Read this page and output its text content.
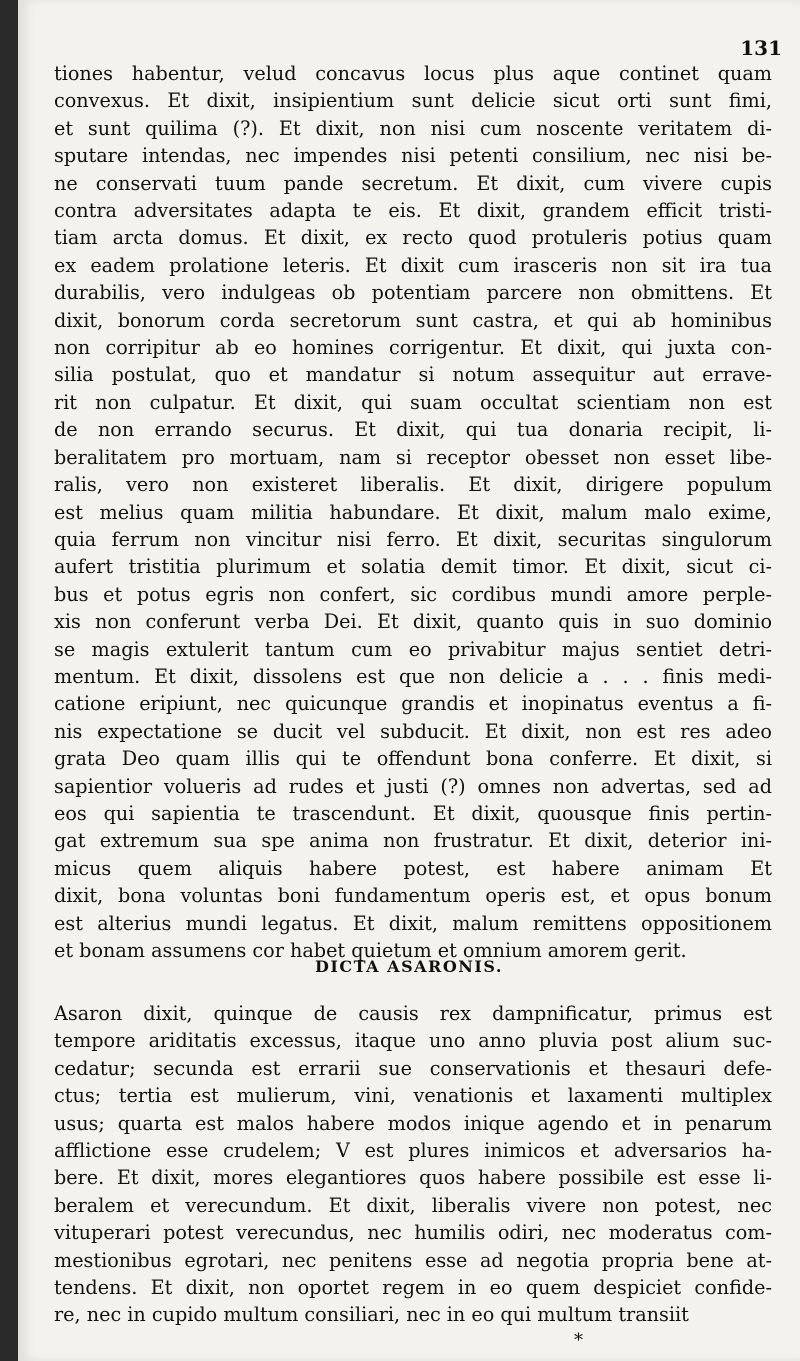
131

tiones habentur, velud concavus locus plus aque continet quam
convexus. Et dixit, insipientium sunt delicie sicut orti sunt fimi,
et sunt quilima (?). Et dixit, non nisi cum noscente veritatem di-
sputare intendas, nec impendes nisi petenti consilium, nec nisi be-
ne conservati tuum pande secretum. Et dixit, cum vivere cupis
contra adversitates adapta te eis. Et dixit, grandem efficit tristi-
tiam arcta domus. Et dixit, ex recto quod protuleris potius quam
ex eadem prolatione leteris. Et dixit cum irasceris non sit ira tua
durabilis, vero indulgeas ob potentiam parcere non obmittens. Et
dixit, bonorum corda secretorum sunt castra, et qui ab hominibus
non corripitur ab eo homines corrigentur. Et dixit, qui juxta con-
silia postulat, quo et mandatur si notum assequitur aut errave-
rit non culpatur. Et dixit, qui suam occultat scientiam non est
de non errando securus. Et dixit, qui tua donaria recipit, li-
beralitatem pro mortuam, nam si receptor obesset non esset libe-
ralis, vero non existeret liberalis. Et dixit, dirigere populum
est melius quam militia habundare. Et dixit, malum malo exime,
quia ferrum non vincitur nisi ferro. Et dixit, securitas singulorum
aufert tristitia plurimum et solatia demit timor. Et dixit, sicut ci-
bus et potus egris non confert, sic cordibus mundi amore perple-
xis non conferunt verba Dei. Et dixit, quanto quis in suo dominio
se magis extulerit tantum cum eo privabitur majus sentiet detri-
mentum. Et dixit, dissolens est que non delicie a . . . finis medi-
catione eripiunt, nec quicunque grandis et inopinatus eventus a fi-
nis expectatione se ducit vel subducit. Et dixit, non est res adeo
grata Deo quam illis qui te offendunt bona conferre. Et dixit, si
sapientior volueris ad rudes et justi (?) omnes non advertas, sed ad
eos qui sapientia te trascendunt. Et dixit, quousque finis pertin-
gat extremum sua spe anima non frustratur. Et dixit, deterior ini-
micus quem aliquis habere potest, est habere animam Et
dixit, bona voluntas boni fundamentum operis est, et opus bonum
est alterius mundi legatus. Et dixit, malum remittens oppositionem
et bonam assumens cor habet quietum et omnium amorem gerit.

DICTA ASARONIS.

Asaron dixit, quinque de causis rex dampnificatur, primus est
tempore ariditatis excessus, itaque uno anno pluvia post alium suc-
cedatur; secunda est errarii sue conservationis et thesauri defe-
ctus; tertia est mulierum, vini, venationis et laxamenti multiplex
usus; quarta est malos habere modos inique agendo et in penarum
afflictione esse crudelem; V est plures inimicos et adversarios ha-
bere. Et dixit, mores elegantiores quos habere possibile est esse li-
beralem et verecundum. Et dixit, liberalis vivere non potest, nec
vituperari potest verecundus, nec humilis odiri, nec moderatus com-
mestionibus egrotari, nec penitens esse ad negotia propria bene at-
tendens. Et dixit, non oportet regem in eo quem despiciet confide-
re, nec in cupido multum consiliari, nec in eo qui multum transiit

*
